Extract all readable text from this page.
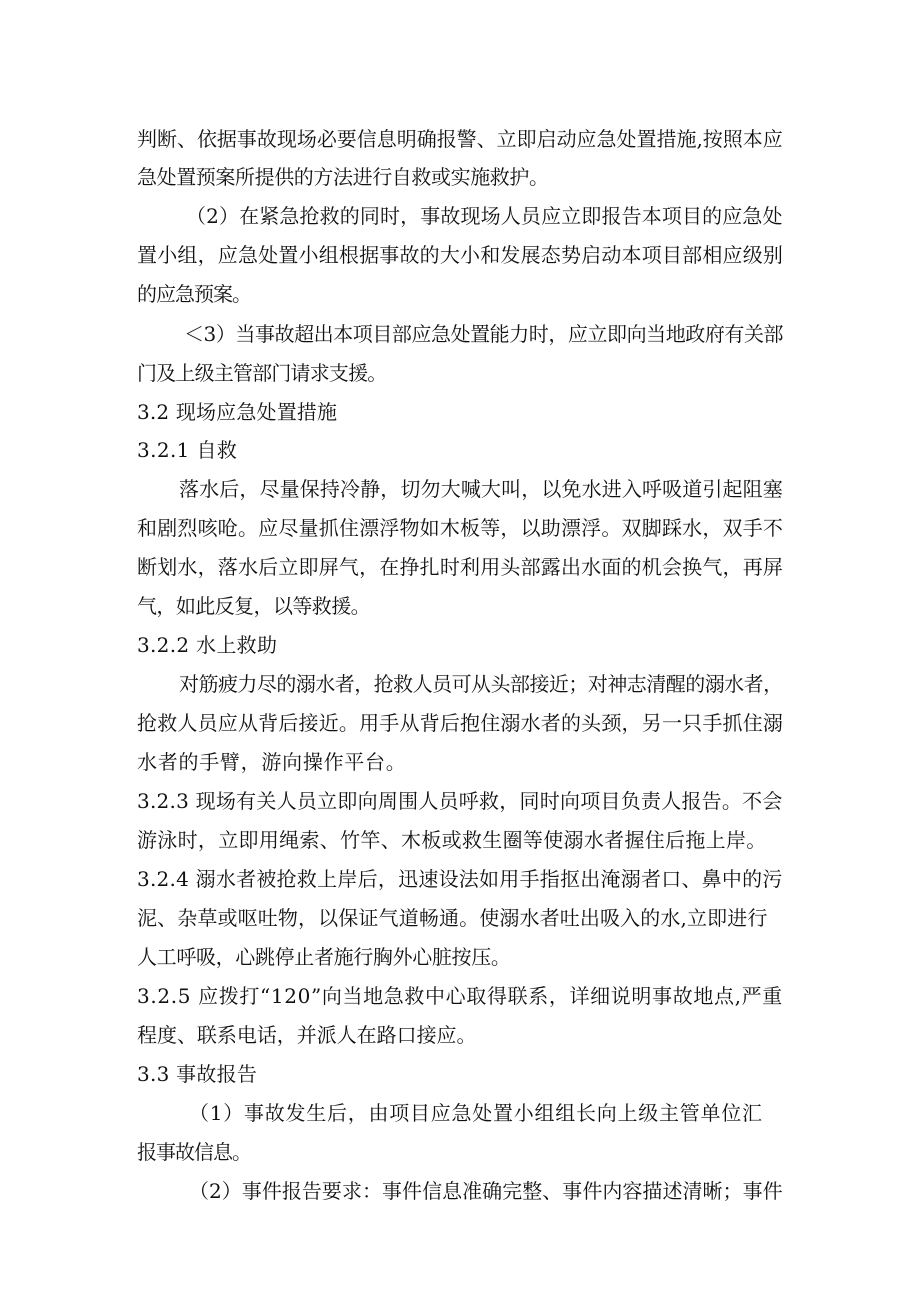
判断、依据事故现场必要信息明确报警、立即启动应急处置措施,按照本应
急处置预案所提供的方法进行自救或实施救护。
（2）在紧急抢救的同时，事故现场人员应立即报告本项目的应急处
置小组，应急处置小组根据事故的大小和发展态势启动本项目部相应级别
的应急预案。
＜3）当事故超出本项目部应急处置能力时，应立即向当地政府有关部
门及上级主管部门请求支援。
3.2 现场应急处置措施
3.2.1 自救
落水后，尽量保持冷静，切勿大喊大叫，以免水进入呼吸道引起阻塞
和剧烈咳呛。应尽量抓住漂浮物如木板等，以助漂浮。双脚踩水，双手不
断划水，落水后立即屏气，在挣扎时利用头部露出水面的机会换气，再屏
气，如此反复，以等救援。
3.2.2 水上救助
对筋疲力尽的溺水者，抢救人员可从头部接近；对神志清醒的溺水者，
抢救人员应从背后接近。用手从背后抱住溺水者的头颈，另一只手抓住溺
水者的手臂，游向操作平台。
3.2.3 现场有关人员立即向周围人员呼救，同时向项目负责人报告。不会
游泳时，立即用绳索、竹竿、木板或救生圈等使溺水者握住后拖上岸。
3.2.4 溺水者被抢救上岸后，迅速设法如用手指抠出淹溺者口、鼻中的污
泥、杂草或呕吐物，以保证气道畅通。使溺水者吐出吸入的水,立即进行
人工呼吸，心跳停止者施行胸外心脏按压。
3.2.5 应拨打“120”向当地急救中心取得联系，详细说明事故地点,严重
程度、联系电话，并派人在路口接应。
3.3 事故报告
（1）事故发生后，由项目应急处置小组组长向上级主管单位汇
报事故信息。
（2）事件报告要求：事件信息准确完整、事件内容描述清晰；事件
